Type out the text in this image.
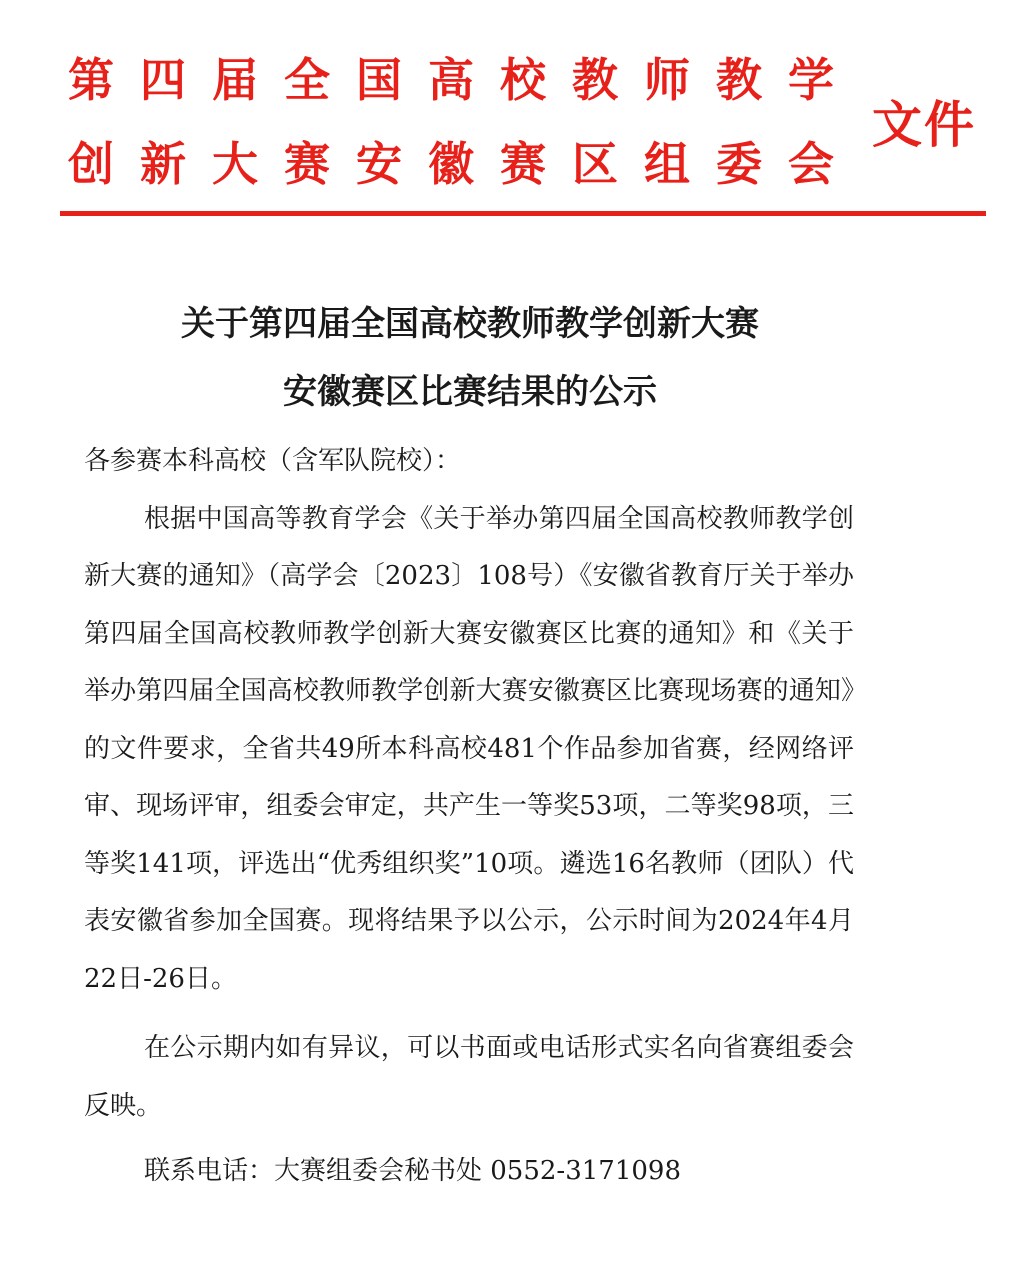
第四届全国高校教师教学
创新大赛安徽赛区组委会
文件
关于第四届全国高校教师教学创新大赛
安徽赛区比赛结果的公示

各参赛本科高校（含军队院校）：

根据中国高等教育学会《关于举办第四届全国高校教师教学创新大赛的通知》（高学会〔2023〕108号）《安徽省教育厅关于举办第四届全国高校教师教学创新大赛安徽赛区比赛的通知》和《关于举办第四届全国高校教师教学创新大赛安徽赛区比赛现场赛的通知》的文件要求，全省共49所本科高校481个作品参加省赛，经网络评审、现场评审，组委会审定，共产生一等奖53项，二等奖98项，三等奖141项，评选出“优秀组织奖”10项。遴选16名教师（团队）代表安徽省参加全国赛。现将结果予以公示，公示时间为2024年4月22日-26日。

在公示期内如有异议，可以书面或电话形式实名向省赛组委会反映。

联系电话：大赛组委会秘书处 0552-3171098
